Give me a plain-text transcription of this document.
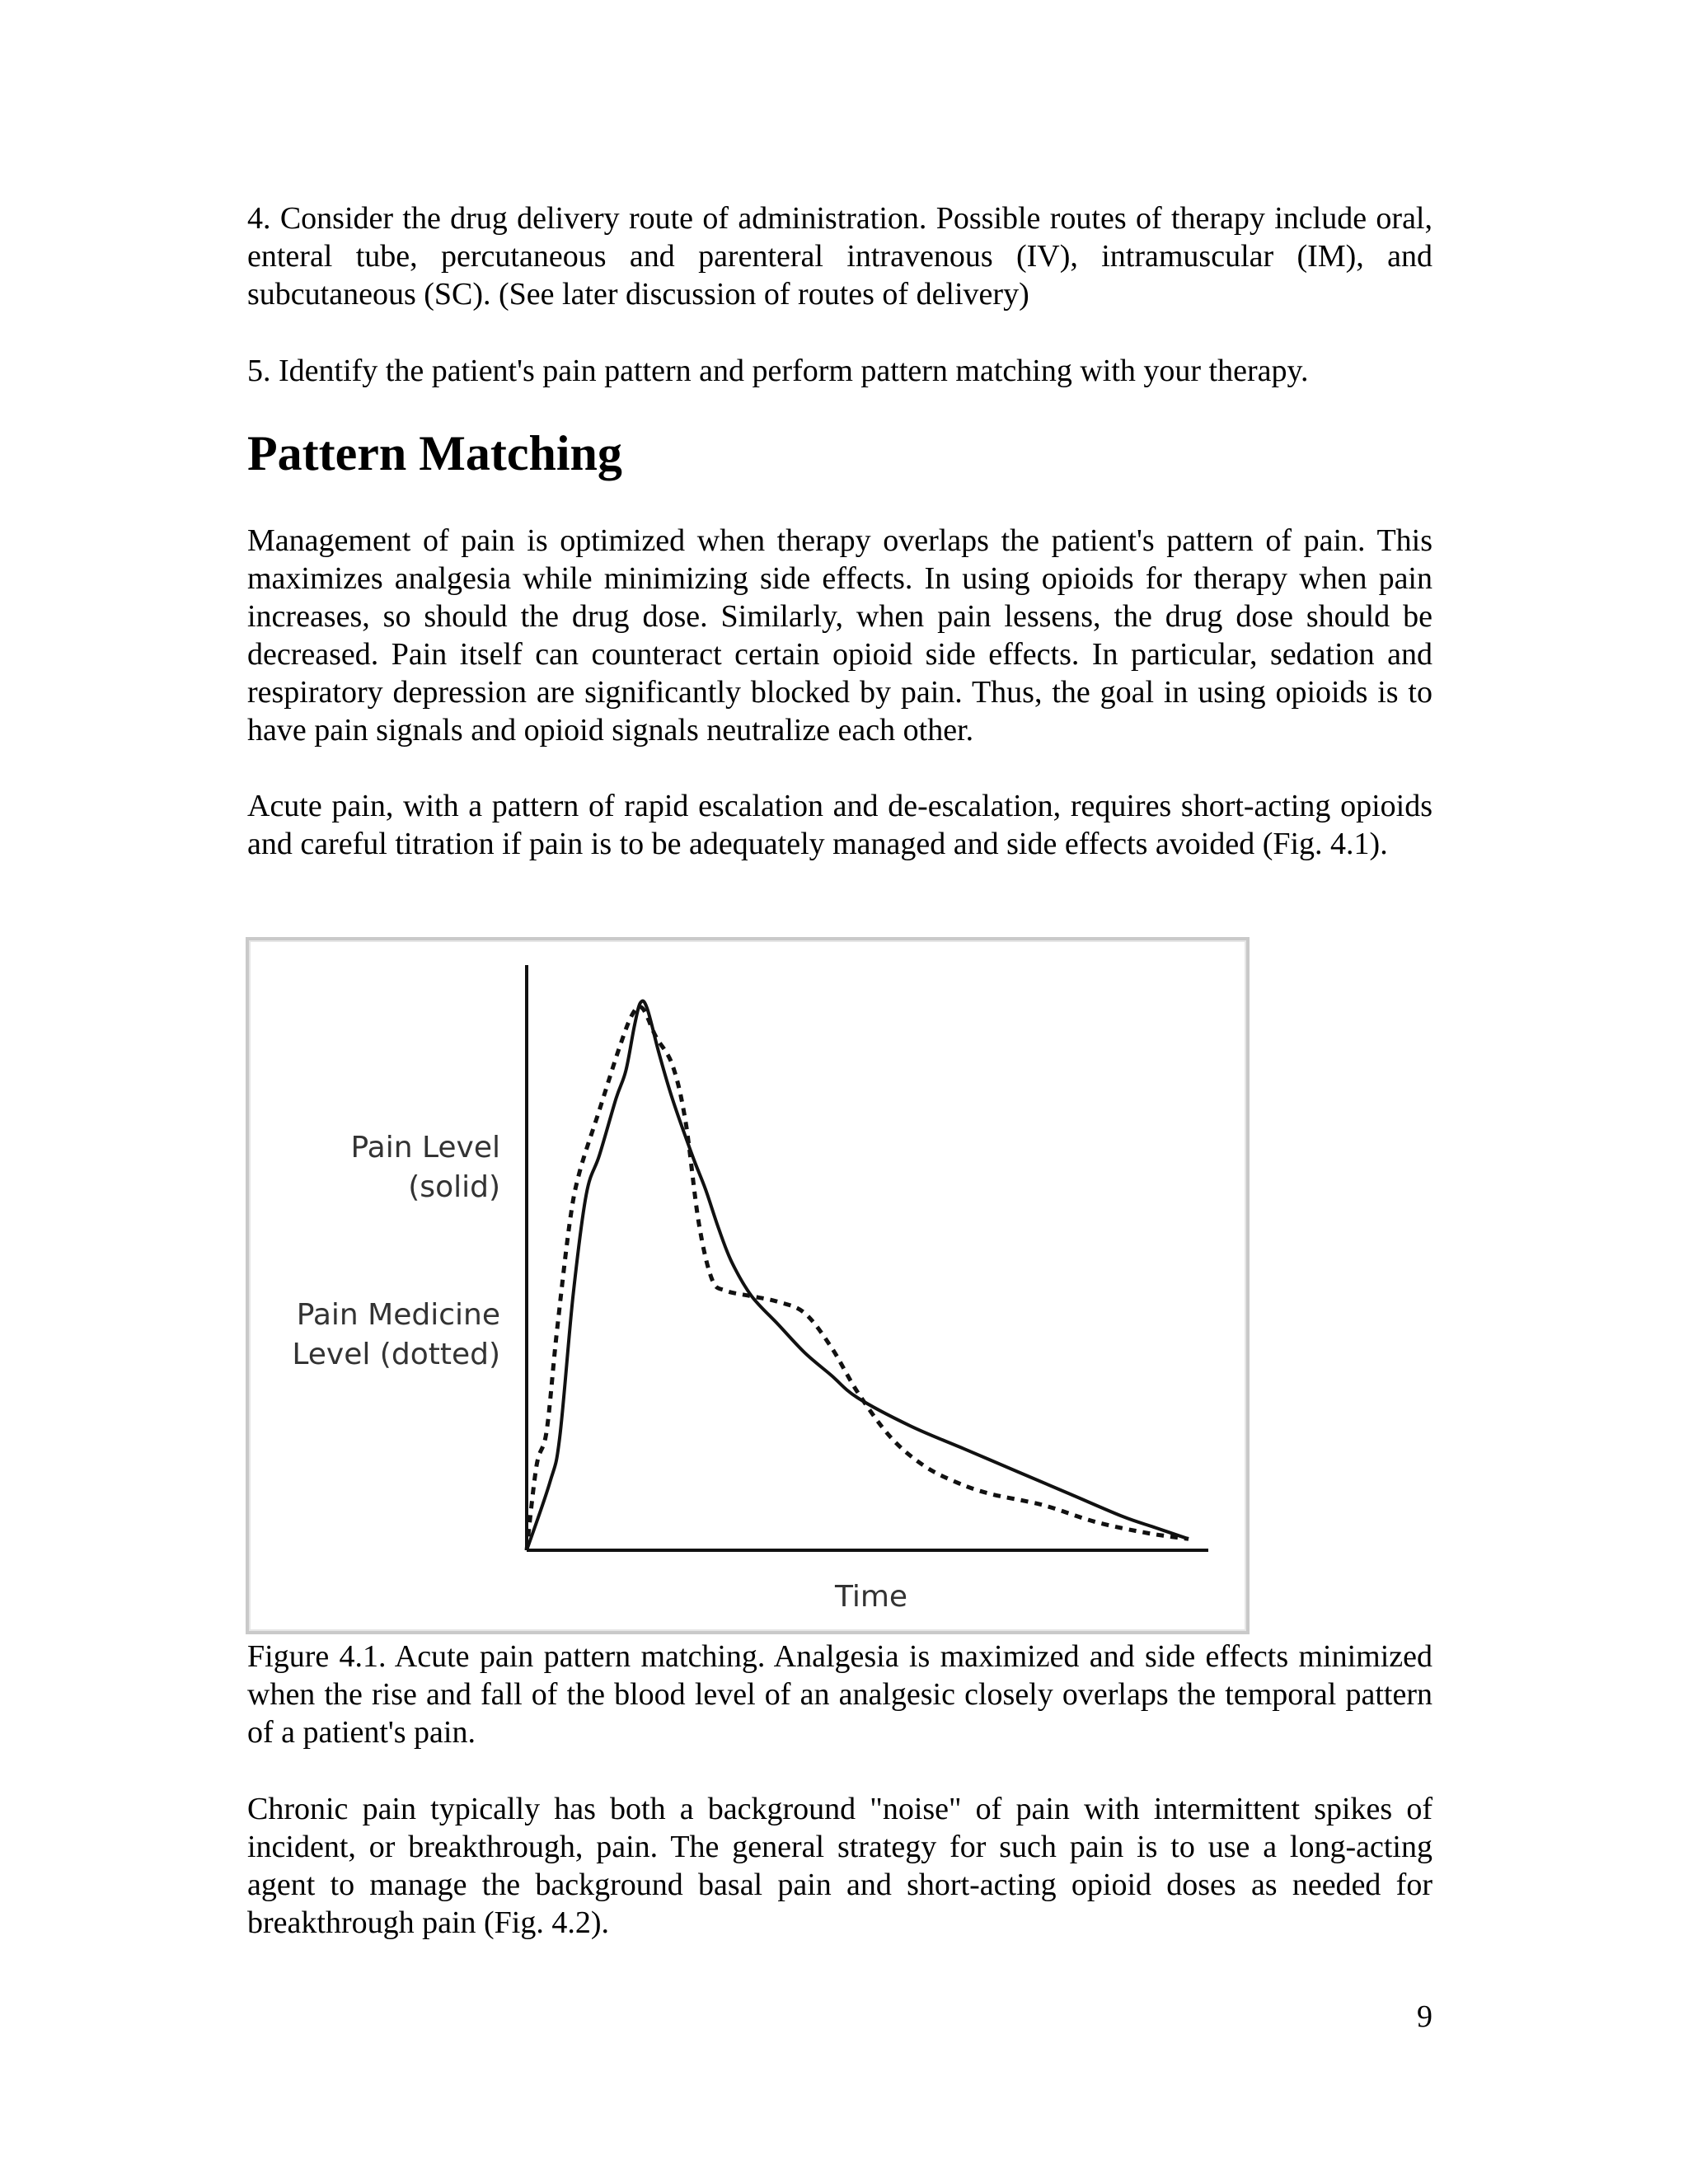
4. Consider the drug delivery route of administration. Possible routes of therapy include oral, enteral tube, percutaneous and parenteral intravenous (IV), intramuscular (IM), and subcutaneous (SC). (See later discussion of routes of delivery)

5. Identify the patient's pain pattern and perform pattern matching with your therapy.

Pattern Matching

Management of pain is optimized when therapy overlaps the patient's pattern of pain. This maximizes analgesia while minimizing side effects. In using opioids for therapy when pain increases, so should the drug dose. Similarly, when pain lessens, the drug dose should be decreased. Pain itself can counteract certain opioid side effects. In particular, sedation and respiratory depression are significantly blocked by pain. Thus, the goal in using opioids is to have pain signals and opioid signals neutralize each other.

Acute pain, with a pattern of rapid escalation and de-escalation, requires short-acting opioids and careful titration if pain is to be adequately managed and side effects avoided (Fig. 4.1).

Pain Level
(solid)
Pain Medicine
Level (dotted)
Time

Figure 4.1. Acute pain pattern matching. Analgesia is maximized and side effects minimized when the rise and fall of the blood level of an analgesic closely overlaps the temporal pattern of a patient's pain.

Chronic pain typically has both a background "noise" of pain with intermittent spikes of incident, or breakthrough, pain. The general strategy for such pain is to use a long-acting agent to manage the background basal pain and short-acting opioid doses as needed for breakthrough pain (Fig. 4.2).

9
